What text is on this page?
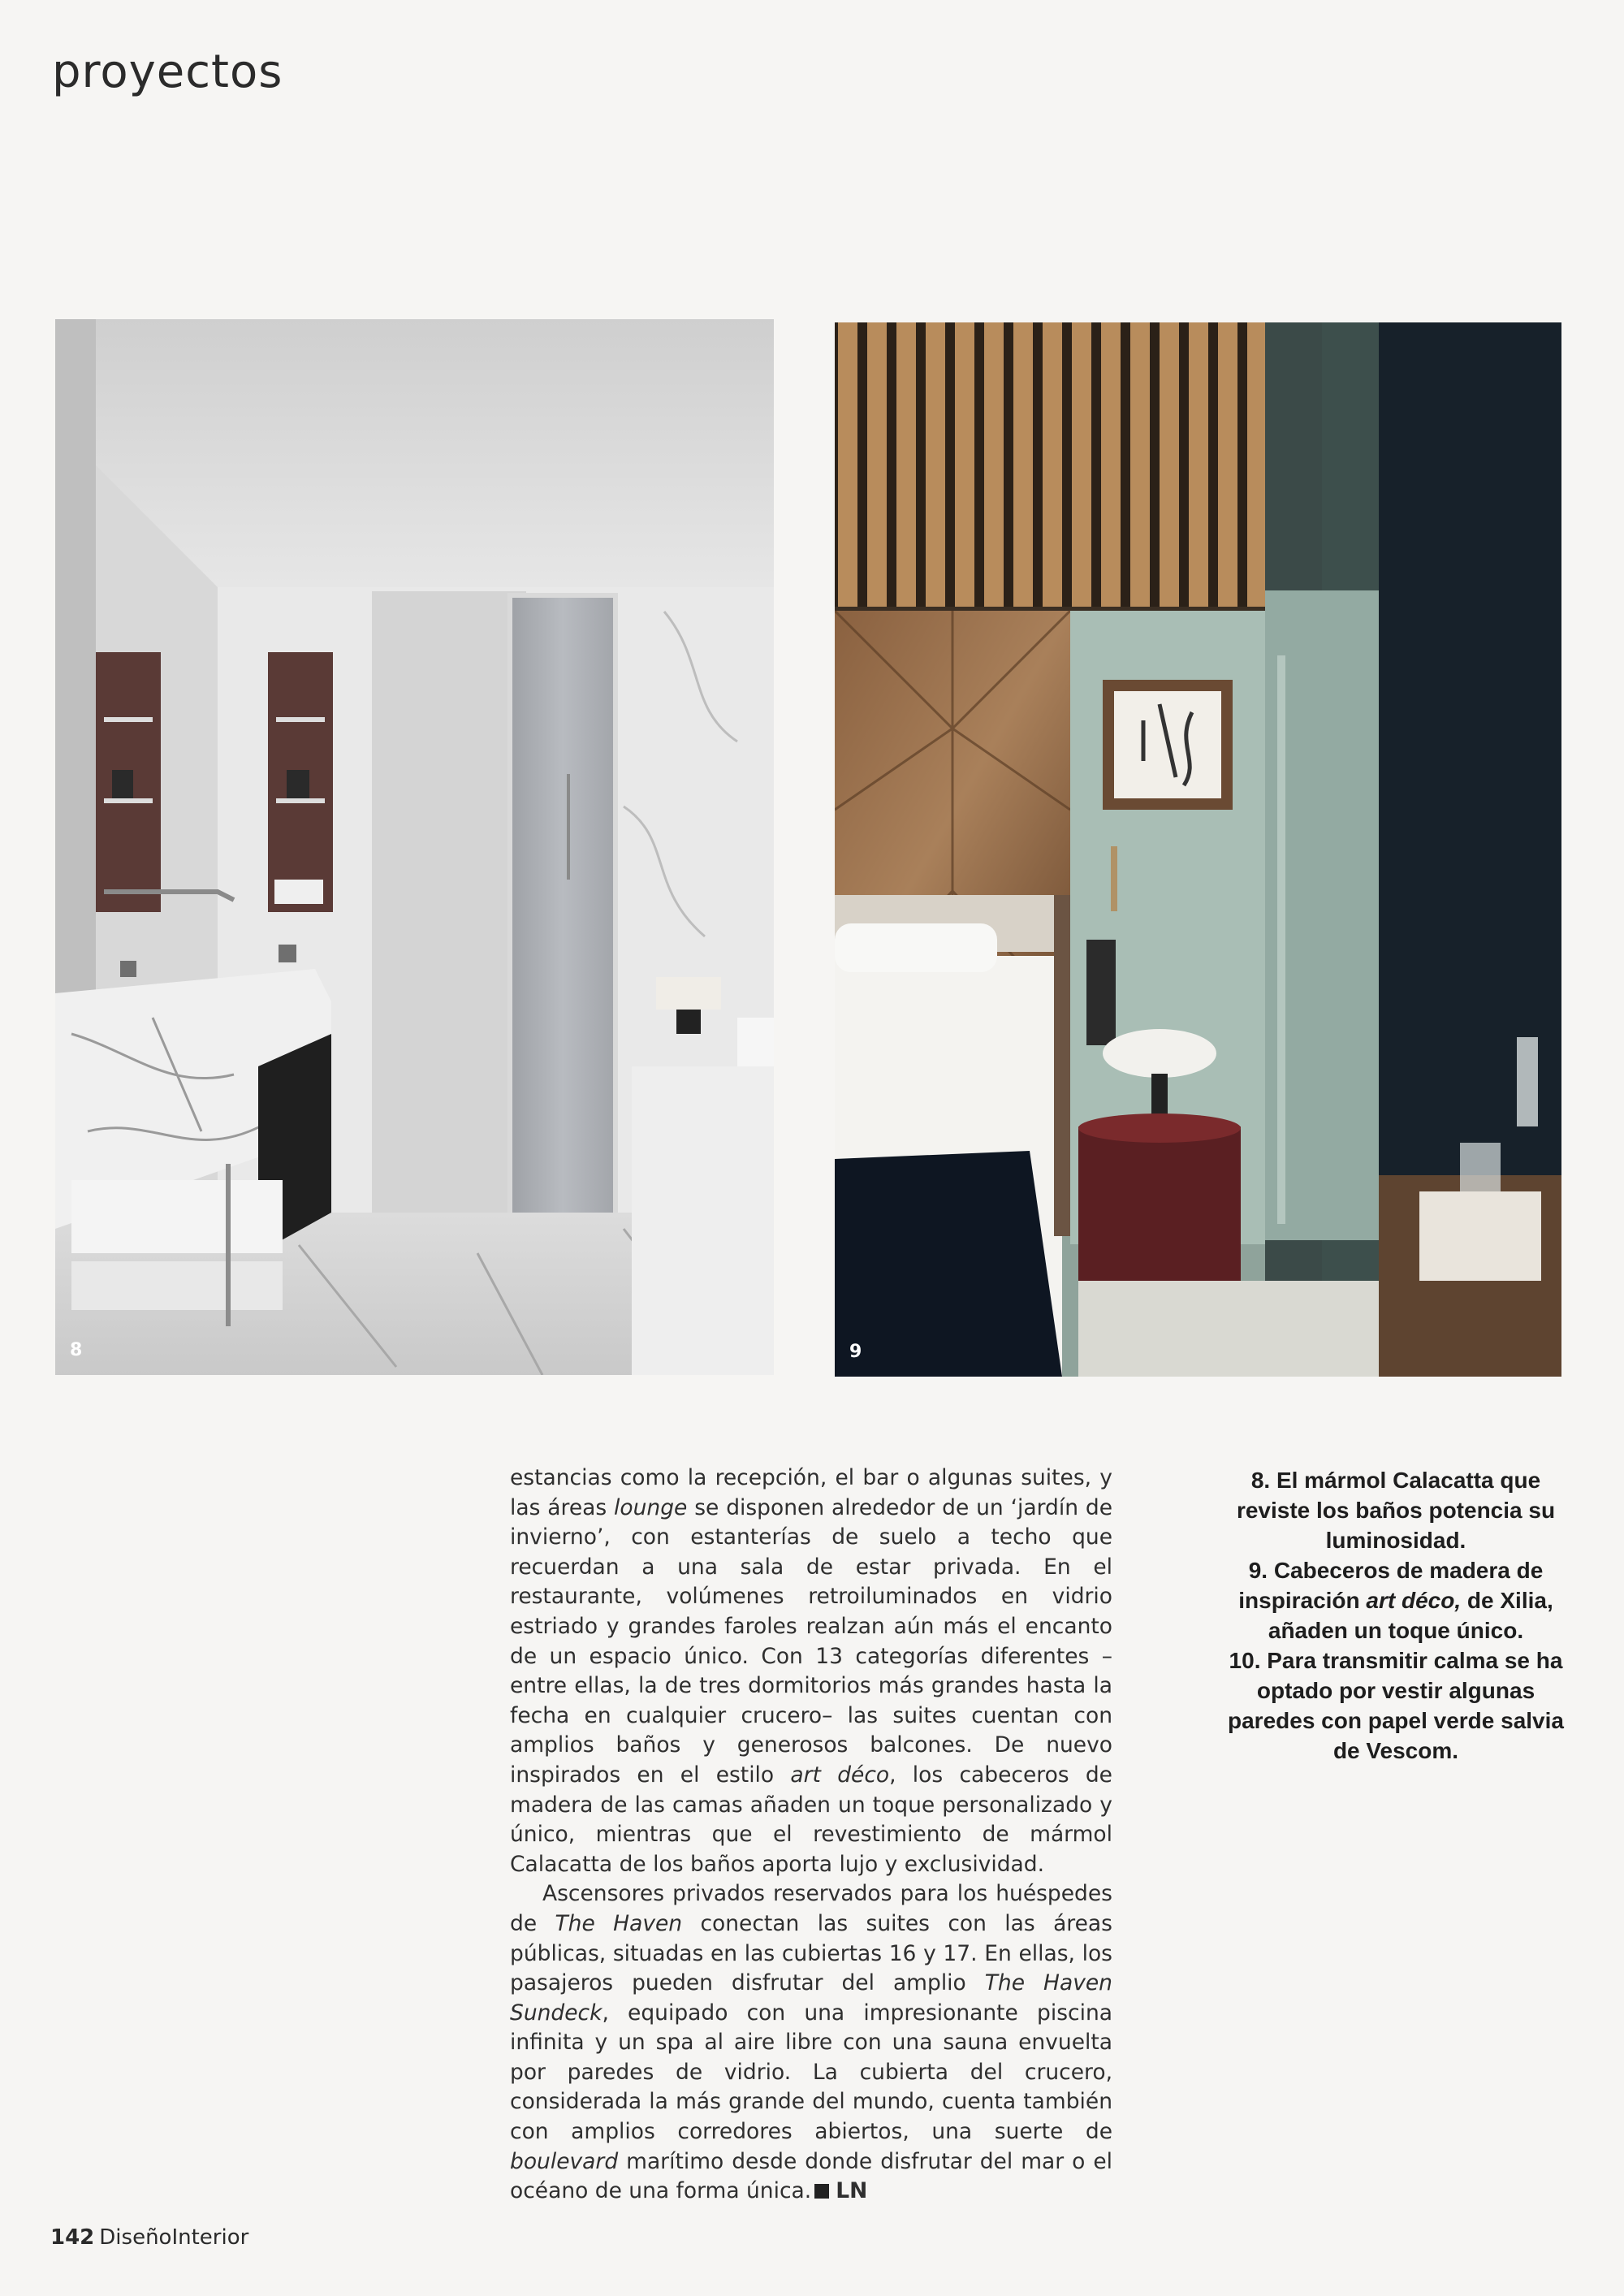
proyectos
8	9

estancias como la recepción, el bar o algunas suites, y las áreas lounge se disponen alrededor de un ‘jardín de invierno’, con estanterías de suelo a techo que recuerdan a una sala de estar privada. En el restaurante, volúmenes retroiluminados en vidrio estriado y grandes faroles realzan aún más el encanto de un espacio único. Con 13 categorías diferentes –entre ellas, la de tres dormitorios más grandes hasta la fecha en cualquier crucero– las suites cuentan con amplios baños y generosos balcones. De nuevo inspirados en el estilo art déco, los cabeceros de madera de las camas añaden un toque personalizado y único, mientras que el revestimiento de mármol Calacatta de los baños aporta lujo y exclusividad.

Ascensores privados reservados para los huéspedes de The Haven conectan las suites con las áreas públicas, situadas en las cubiertas 16 y 17. En ellas, los pasajeros pueden disfrutar del amplio The Haven Sundeck, equipado con una impresionante piscina infinita y un spa al aire libre con una sauna envuelta por paredes de vidrio. La cubierta del crucero, considerada la más grande del mundo, cuenta también con amplios corredores abiertos, una suerte de boulevard marítimo desde donde disfrutar del mar o el océano de una forma única. LN

8. El mármol Calacatta que reviste los baños potencia su luminosidad.

9. Cabeceros de madera de inspiración art déco, de Xilia, añaden un toque único.

10. Para transmitir calma se ha optado por vestir algunas paredes con papel verde salvia de Vescom.

142 DiseñoInterior
